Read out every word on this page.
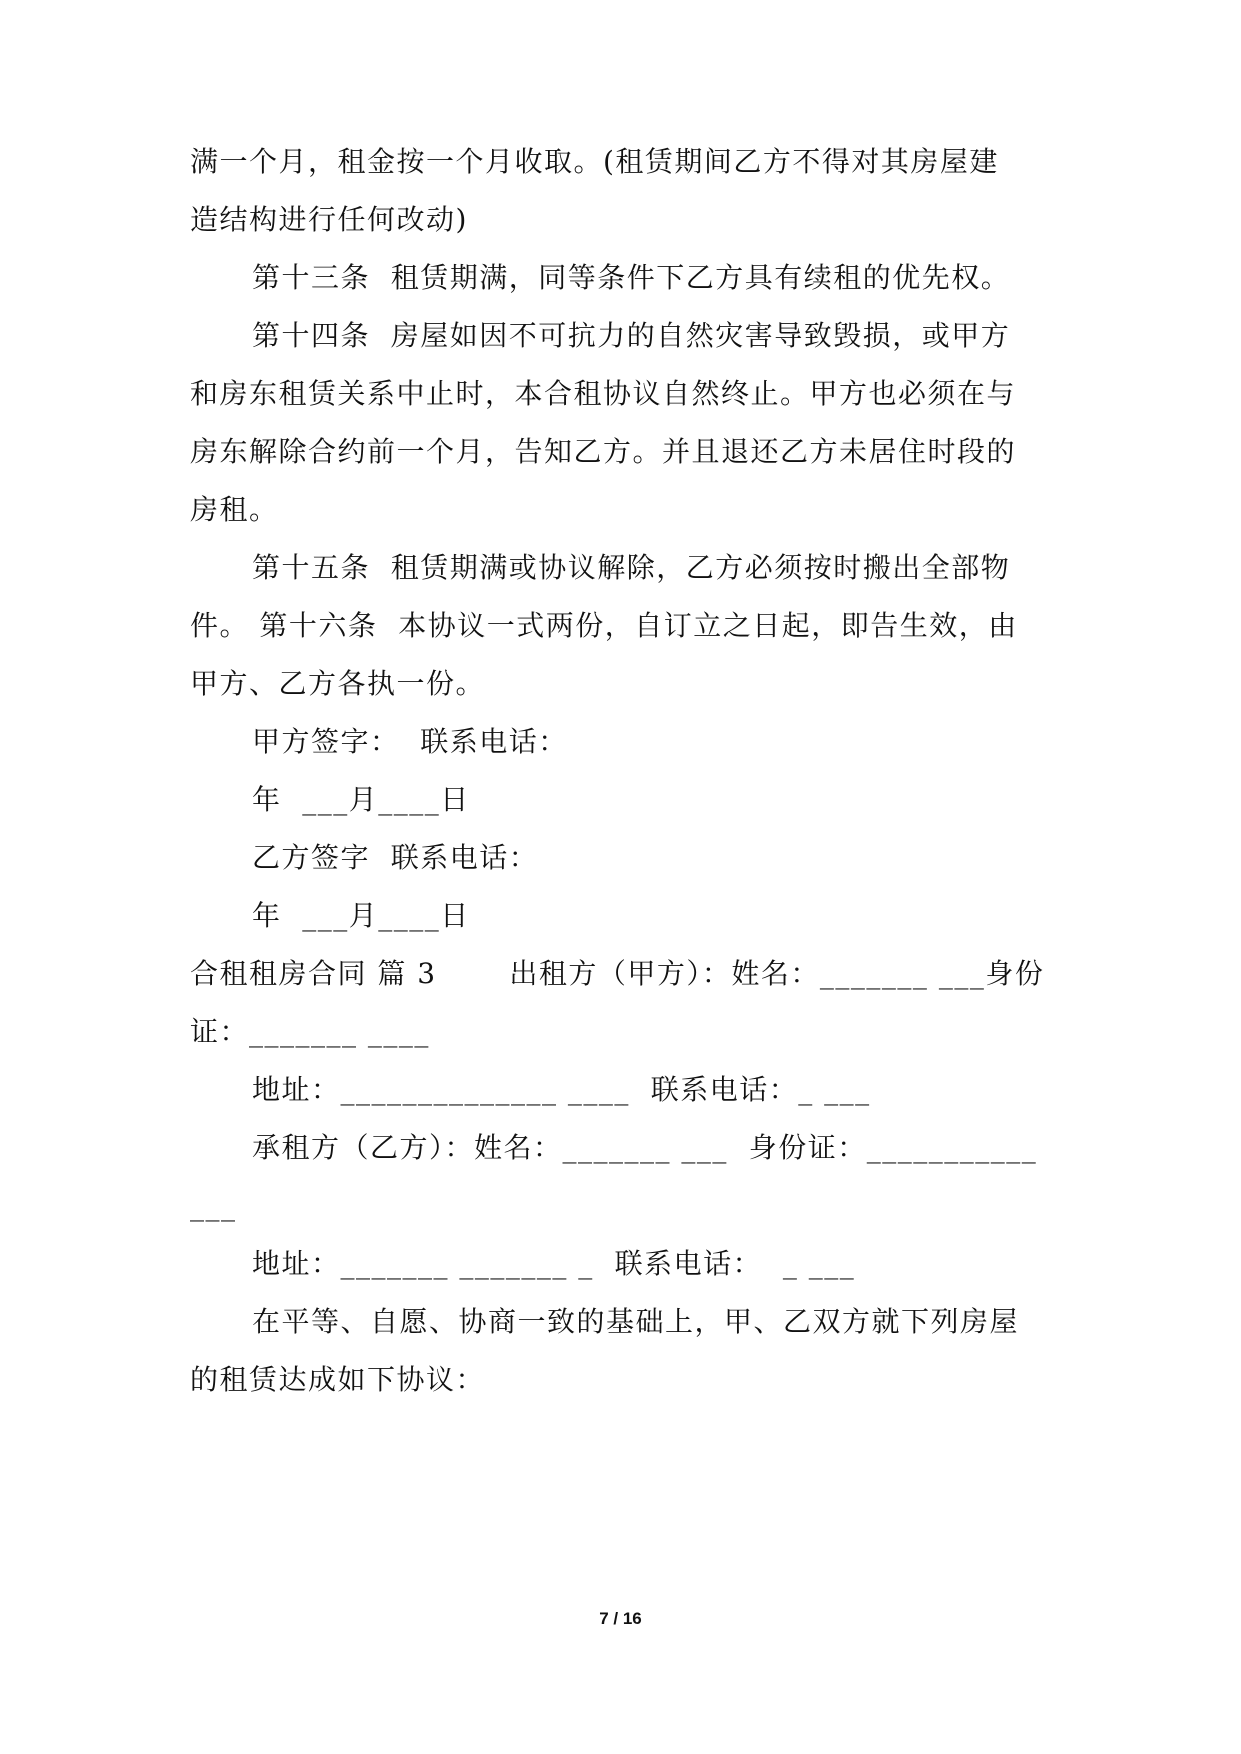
满一个月，租金按一个月收取。(租赁期间乙方不得对其房屋建
造结构进行任何改动)
第十三条  租赁期满，同等条件下乙方具有续租的优先权。
第十四条  房屋如因不可抗力的自然灾害导致毁损，或甲方
和房东租赁关系中止时，本合租协议自然终止。甲方也必须在与
房东解除合约前一个月，告知乙方。并且退还乙方未居住时段的
房租。
第十五条  租赁期满或协议解除，乙方必须按时搬出全部物
件。 第十六条  本协议一式两份，自订立之日起，即告生效，由
甲方、乙方各执一份。
甲方签字：  联系电话：
年  ___月____日
乙方签字  联系电话：
年  ___月____日
合租租房合同 篇 3       出租方（甲方）：姓名：_______ ___身份
证：_______ ____
地址：______________ ____  联系电话：_ ___
承租方（乙方）：姓名：_______ ___  身份证：___________
___
地址：_______ _______ _  联系电话：  _ ___
在平等、自愿、协商一致的基础上，甲、乙双方就下列房屋
的租赁达成如下协议：
7 / 16
